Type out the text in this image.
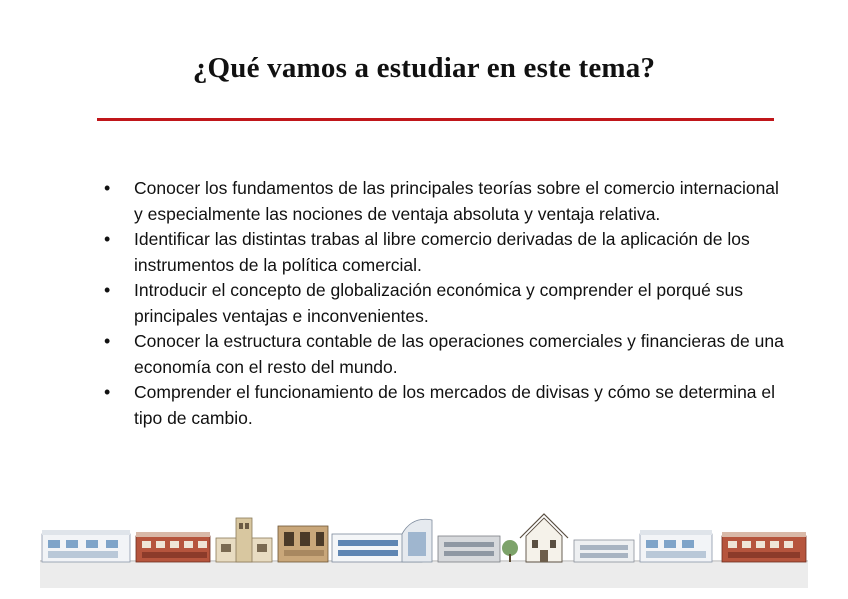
¿Qué vamos a estudiar en este tema?
• Conocer los fundamentos de las principales teorías sobre el comercio internacional y especialmente las nociones de ventaja absoluta y ventaja relativa.
• Identificar las distintas trabas al libre comercio derivadas de la aplicación de los instrumentos de la política comercial.
• Introducir el concepto de globalización económica y comprender el porqué sus principales ventajas e inconvenientes.
• Conocer la estructura contable de las operaciones comerciales y financieras de una economía con el resto del mundo.
• Comprender el funcionamiento de los mercados de divisas y cómo se determina el tipo de cambio.
